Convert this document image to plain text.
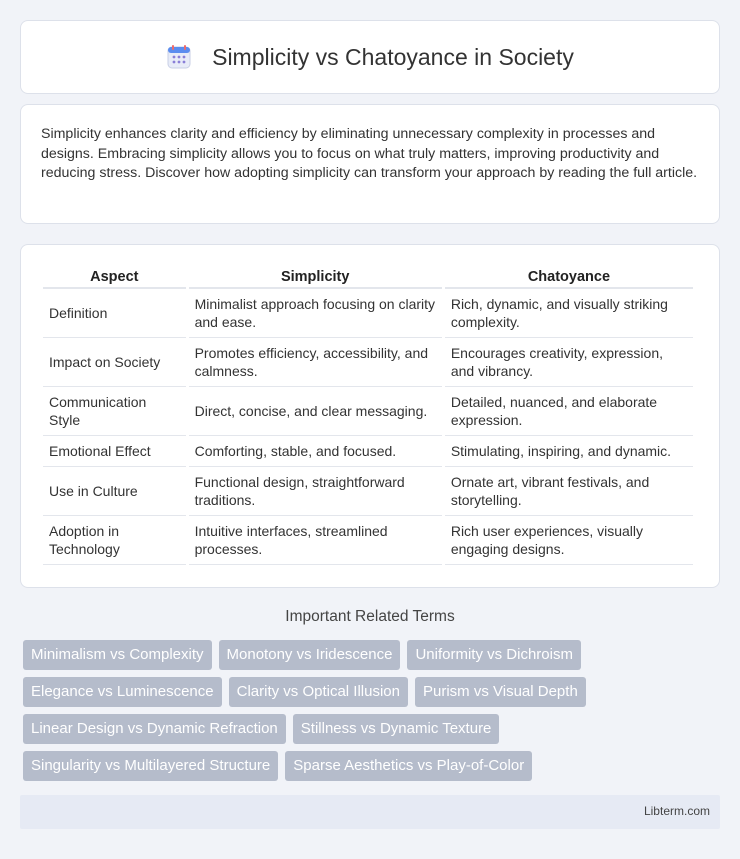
Simplicity vs Chatoyance in Society

Simplicity enhances clarity and efficiency by eliminating unnecessary complexity in processes and designs. Embracing simplicity allows you to focus on what truly matters, improving productivity and reducing stress. Discover how adopting simplicity can transform your approach by reading the full article.

Aspect	Simplicity	Chatoyance
Definition	Minimalist approach focusing on clarity and ease.	Rich, dynamic, and visually striking complexity.
Impact on Society	Promotes efficiency, accessibility, and calmness.	Encourages creativity, expression, and vibrancy.
Communication Style	Direct, concise, and clear messaging.	Detailed, nuanced, and elaborate expression.
Emotional Effect	Comforting, stable, and focused.	Stimulating, inspiring, and dynamic.
Use in Culture	Functional design, straightforward traditions.	Ornate art, vibrant festivals, and storytelling.
Adoption in Technology	Intuitive interfaces, streamlined processes.	Rich user experiences, visually engaging designs.
Important Related Terms
Minimalism vs Complexity	Monotony vs Iridescence	Uniformity vs Dichroism
Elegance vs Luminescence	Clarity vs Optical Illusion	Purism vs Visual Depth
Linear Design vs Dynamic Refraction	Stillness vs Dynamic Texture
Singularity vs Multilayered Structure	Sparse Aesthetics vs Play-of-Color
Libterm.com
